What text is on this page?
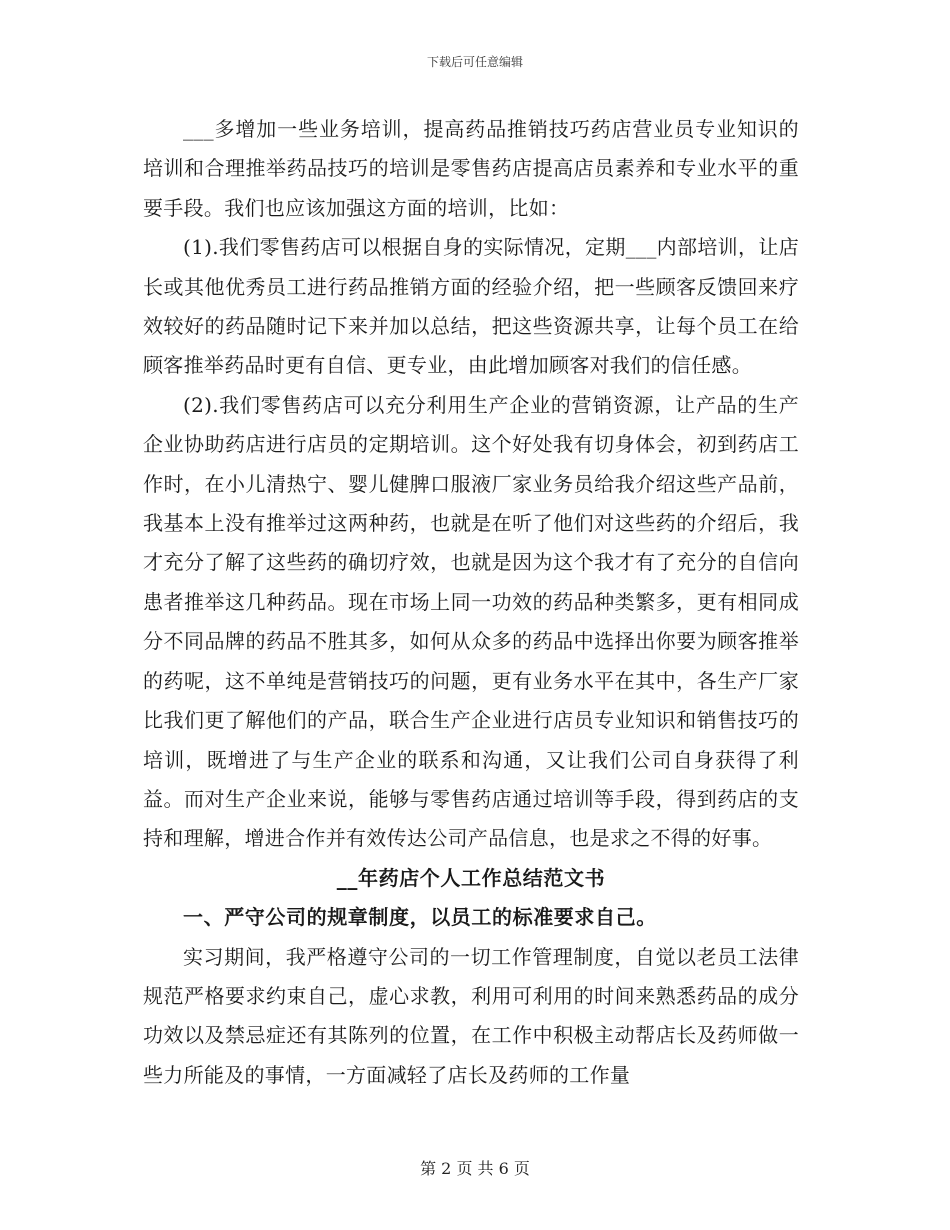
下载后可任意编辑

___多增加一些业务培训，提高药品推销技巧药店营业员专业知识的培训和合理推举药品技巧的培训是零售药店提高店员素养和专业水平的重要手段。我们也应该加强这方面的培训，比如：

(1).我们零售药店可以根据自身的实际情况，定期___内部培训，让店长或其他优秀员工进行药品推销方面的经验介绍，把一些顾客反馈回来疗效较好的药品随时记下来并加以总结，把这些资源共享，让每个员工在给顾客推举药品时更有自信、更专业，由此增加顾客对我们的信任感。

(2).我们零售药店可以充分利用生产企业的营销资源，让产品的生产企业协助药店进行店员的定期培训。这个好处我有切身体会，初到药店工作时，在小儿清热宁、婴儿健脾口服液厂家业务员给我介绍这些产品前，我基本上没有推举过这两种药，也就是在听了他们对这些药的介绍后，我才充分了解了这些药的确切疗效，也就是因为这个我才有了充分的自信向患者推举这几种药品。现在市场上同一功效的药品种类繁多，更有相同成分不同品牌的药品不胜其多，如何从众多的药品中选择出你要为顾客推举的药呢，这不单纯是营销技巧的问题，更有业务水平在其中，各生产厂家比我们更了解他们的产品，联合生产企业进行店员专业知识和销售技巧的培训，既增进了与生产企业的联系和沟通，又让我们公司自身获得了利益。而对生产企业来说，能够与零售药店通过培训等手段，得到药店的支持和理解，增进合作并有效传达公司产品信息，也是求之不得的好事。

__年药店个人工作总结范文书

一、严守公司的规章制度，以员工的标准要求自己。

实习期间，我严格遵守公司的一切工作管理制度，自觉以老员工法律规范严格要求约束自己，虚心求教，利用可利用的时间来熟悉药品的成分功效以及禁忌症还有其陈列的位置，在工作中积极主动帮店长及药师做一些力所能及的事情，一方面减轻了店长及药师的工作量

第 2 页 共 6 页
